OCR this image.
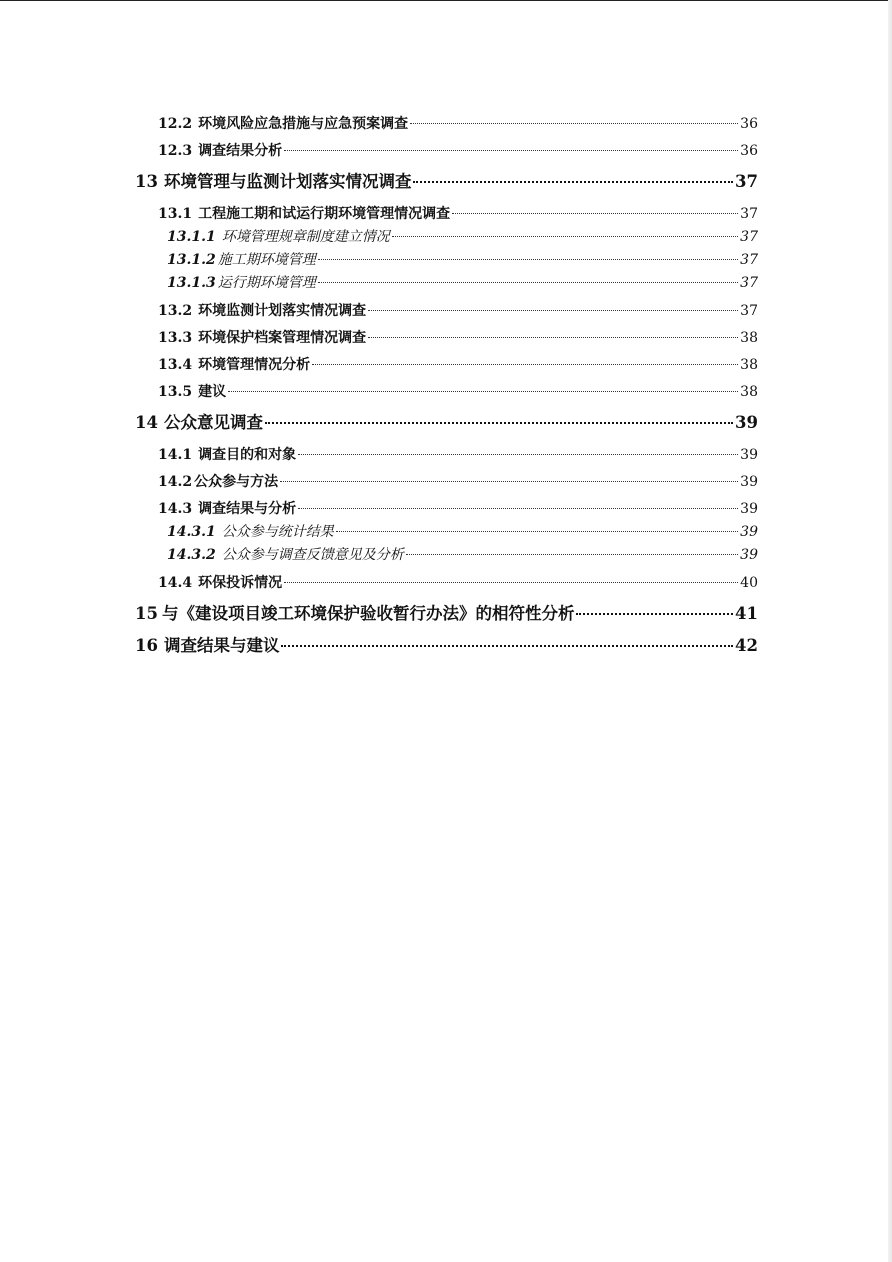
12.2 环境风险应急措施与应急预案调查	36
12.3 调查结果分析	36
13 环境管理与监测计划落实情况调查	37
13.1 工程施工期和试运行期环境管理情况调查	37
13.1.1 环境管理规章制度建立情况	37
13.1.2 施工期环境管理	37
13.1.3 运行期环境管理	37
13.2 环境监测计划落实情况调查	37
13.3 环境保护档案管理情况调查	38
13.4 环境管理情况分析	38
13.5 建议	38
14 公众意见调查	39
14.1 调查目的和对象	39
14.2 公众参与方法	39
14.3 调查结果与分析	39
14.3.1 公众参与统计结果	39
14.3.2 公众参与调查反馈意见及分析	39
14.4 环保投诉情况	40
15 与《建设项目竣工环境保护验收暂行办法》的相符性分析	41
16 调查结果与建议	42
